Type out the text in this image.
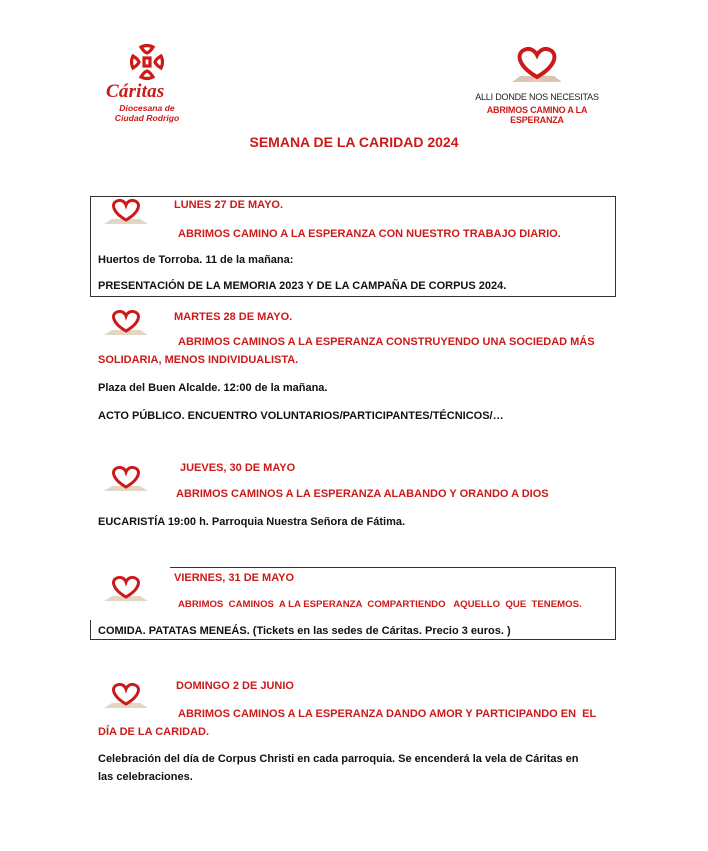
Cáritas
Diocesana de
Ciudad Rodrigo
ALLI DONDE NOS NECESITAS
ABRIMOS CAMINO A LA ESPERANZA
SEMANA DE LA CARIDAD 2024
LUNES 27 DE MAYO.
ABRIMOS CAMINO A LA ESPERANZA CON NUESTRO TRABAJO DIARIO.
Huertos de Torroba. 11 de la mañana:
PRESENTACIÓN DE LA MEMORIA 2023 Y DE LA CAMPAÑA DE CORPUS 2024.
MARTES 28 DE MAYO.
ABRIMOS CAMINOS A LA ESPERANZA CONSTRUYENDO UNA SOCIEDAD MÁS
SOLIDARIA, MENOS INDIVIDUALISTA.
Plaza del Buen Alcalde. 12:00 de la mañana.
ACTO PÚBLICO. ENCUENTRO VOLUNTARIOS/PARTICIPANTES/TÉCNICOS/…
JUEVES, 30 DE MAYO
ABRIMOS CAMINOS A LA ESPERANZA ALABANDO Y ORANDO A DIOS
EUCARISTÍA 19:00 h. Parroquia Nuestra Señora de Fátima.
VIERNES, 31 DE MAYO
ABRIMOS  CAMINOS  A LA ESPERANZA  COMPARTIENDO   AQUELLO  QUE  TENEMOS.
COMIDA. PATATAS MENEÁS. (Tickets en las sedes de Cáritas. Precio 3 euros. )
DOMINGO 2 DE JUNIO
ABRIMOS CAMINOS A LA ESPERANZA DANDO AMOR Y PARTICIPANDO EN  EL
DÍA DE LA CARIDAD.
Celebración del día de Corpus Christi en cada parroquia. Se encenderá la vela de Cáritas en
las celebraciones.
